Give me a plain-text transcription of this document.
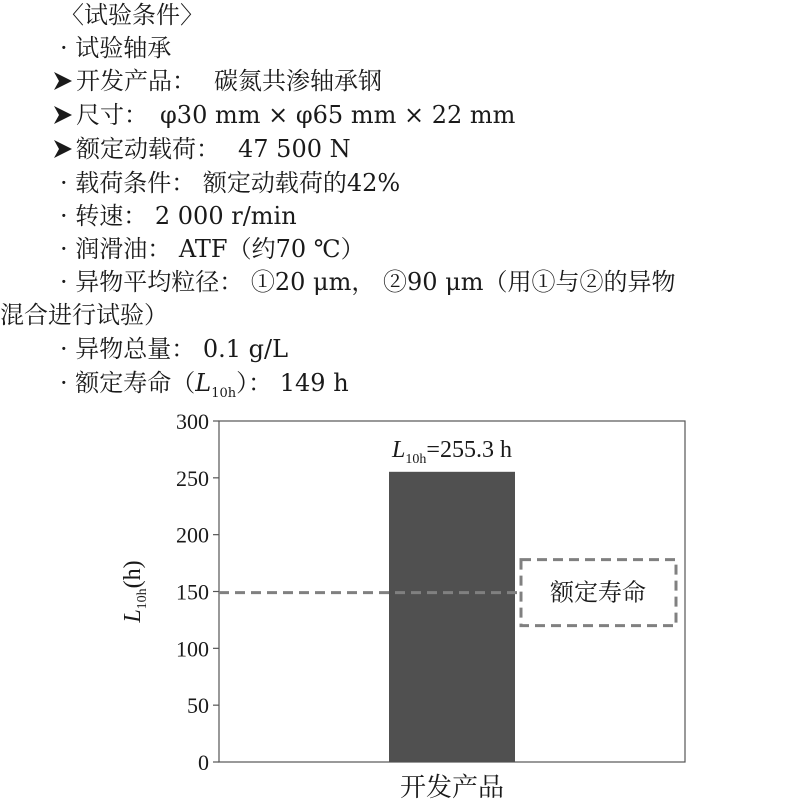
〈试验条件〉
· 试验轴承
开发产品： 碳氮共渗轴承钢
尺寸： φ30 mm × φ65 mm × 22 mm
额定动载荷： 47 500 N
· 载荷条件： 额定动载荷的42%
· 转速： 2 000 r/min
· 润滑油： ATF（约70 ℃）
· 异物平均粒径： ①20 μm， ②90 μm（用①与②的异物
混合进行试验）
· 异物总量： 0.1 g/L
· 额定寿命$(L_{10h})$： 149 h
0
50
100
150
200
250
300
额定寿命
$L_{10h}=255.3$ h
$L_{10h}(h)$
开发产品
